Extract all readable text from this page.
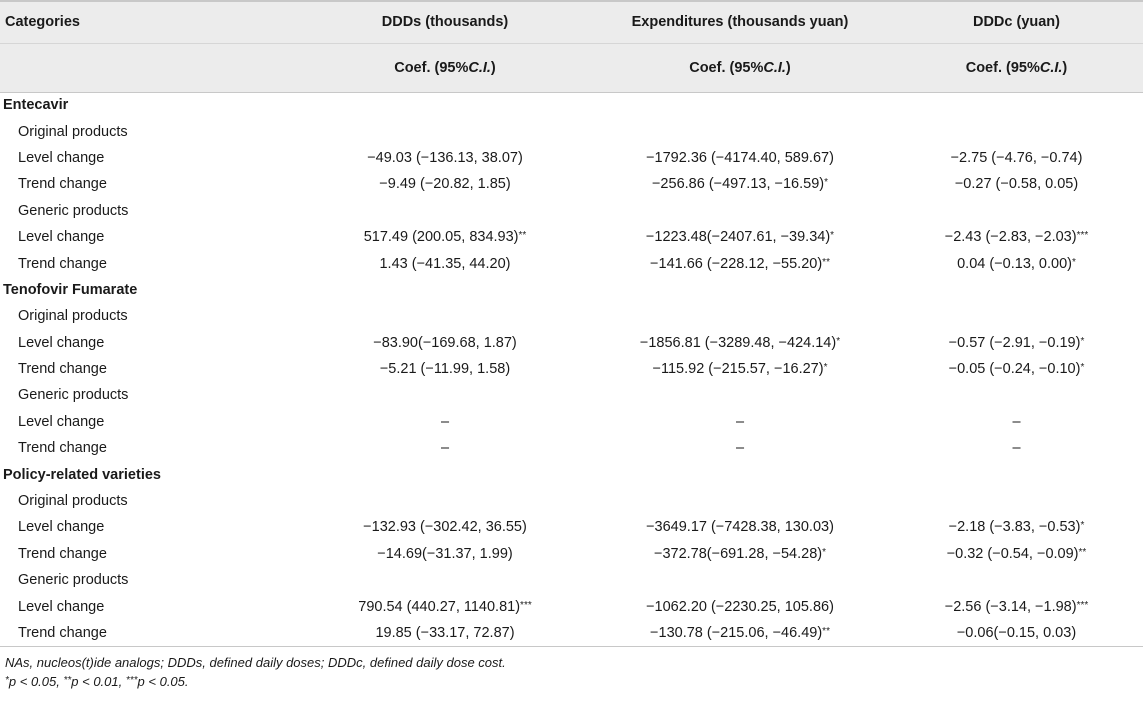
Categories	DDDs (thousands)	Expenditures (thousands yuan)	DDDc (yuan)
	Coef. (95%C.I.)	Coef. (95%C.I.)	Coef. (95%C.I.)
Entecavir			
Original products			
Level change	−49.03 (−136.13, 38.07)	−1792.36 (−4174.40, 589.67)	−2.75 (−4.76, −0.74)
Trend change	−9.49 (−20.82, 1.85)	−256.86 (−497.13, −16.59)*	−0.27 (−0.58, 0.05)
Generic products			
Level change	517.49 (200.05, 834.93)**	−1223.48(−2407.61, −39.34)*	−2.43 (−2.83, −2.03)***
Trend change	1.43 (−41.35, 44.20)	−141.66 (−228.12, −55.20)**	0.04 (−0.13, 0.00)*
Tenofovir Fumarate			
Original products			
Level change	−83.90(−169.68, 1.87)	−1856.81 (−3289.48, −424.14)*	−0.57 (−2.91, −0.19)*
Trend change	−5.21 (−11.99, 1.58)	−115.92 (−215.57, −16.27)*	−0.05 (−0.24, −0.10)*
Generic products			
Level change	–	–	–
Trend change	–	–	–
Policy-related varieties			
Original products			
Level change	−132.93 (−302.42, 36.55)	−3649.17 (−7428.38, 130.03)	−2.18 (−3.83, −0.53)*
Trend change	−14.69(−31.37, 1.99)	−372.78(−691.28, −54.28)*	−0.32 (−0.54, −0.09)**
Generic products			
Level change	790.54 (440.27, 1140.81)***	−1062.20 (−2230.25, 105.86)	−2.56 (−3.14, −1.98)***
Trend change	19.85 (−33.17, 72.87)	−130.78 (−215.06, −46.49)**	−0.06(−0.15, 0.03)
NAs, nucleos(t)ide analogs; DDDs, defined daily doses; DDDc, defined daily dose cost.
*p < 0.05, **p < 0.01, ***p < 0.05.
